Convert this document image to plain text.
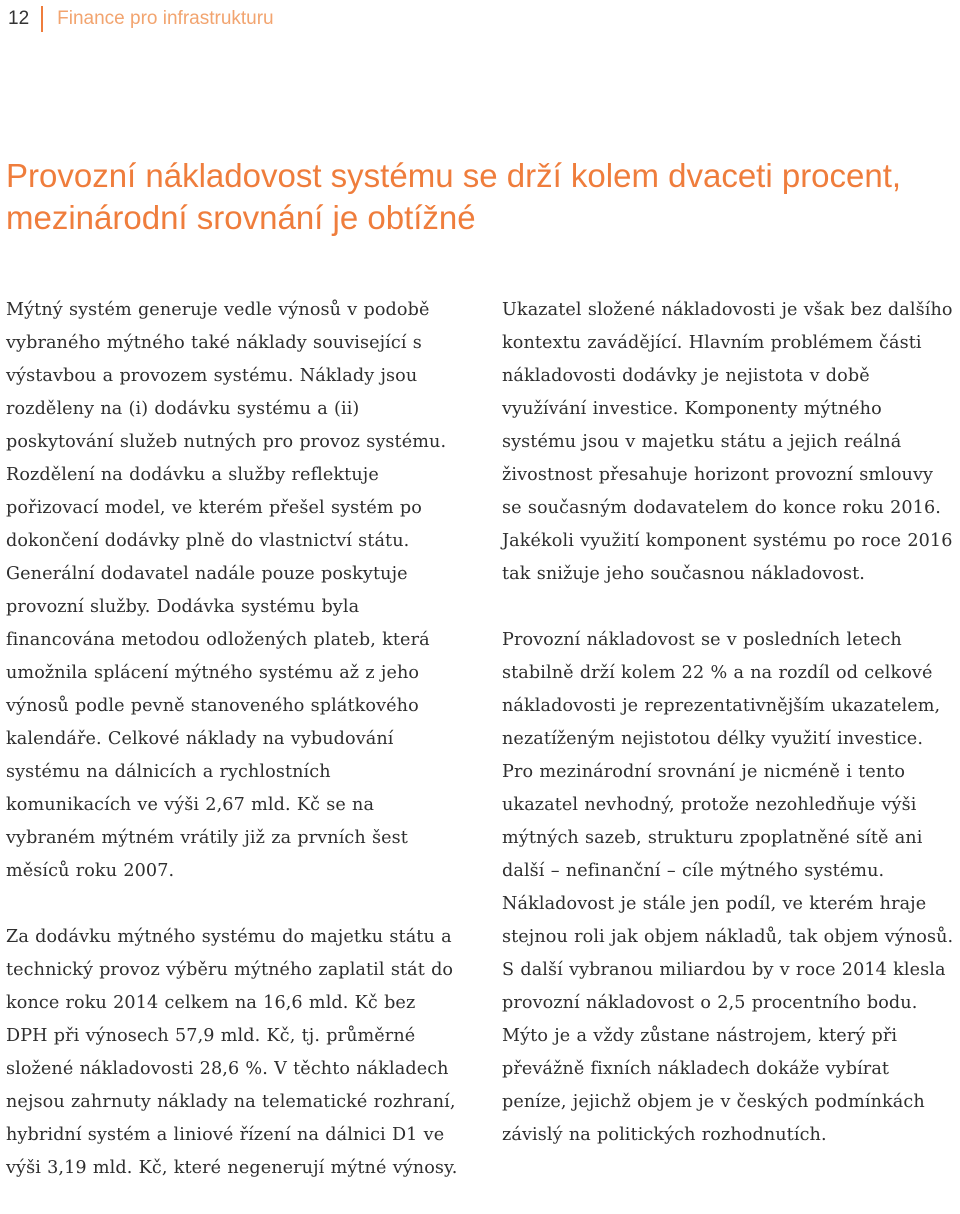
12 Finance pro infrastrukturu
Provozní nákladovost systému se drží kolem dvaceti procent, mezinárodní srovnání je obtížné

Mýtný systém generuje vedle výnosů v podobě vybraného mýtného také náklady související s výstavbou a provozem systému. Náklady jsou rozděleny na (i) dodávku systému a (ii) poskytování služeb nutných pro provoz systému. Rozdělení na dodávku a služby reflektuje pořizovací model, ve kterém přešel systém po dokončení dodávky plně do vlastnictví státu. Generální dodavatel nadále pouze poskytuje provozní služby. Dodávka systému byla financována metodou odložených plateb, která umožnila splácení mýtného systému až z jeho výnosů podle pevně stanoveného splátkového kalendáře. Celkové náklady na vybudování systému na dálnicích a rychlostních komunikacích ve výši 2,67 mld. Kč se na vybraném mýtném vrátily již za prvních šest měsíců roku 2007.

Za dodávku mýtného systému do majetku státu a technický provoz výběru mýtného zaplatil stát do konce roku 2014 celkem na 16,6 mld. Kč bez DPH při výnosech 57,9 mld. Kč, tj. průměrné složené nákladovosti 28,6 %. V těchto nákladech nejsou zahrnuty náklady na telematické rozhraní, hybridní systém a liniové řízení na dálnici D1 ve výši 3,19 mld. Kč, které negenerují mýtné výnosy.

Ukazatel složené nákladovosti je však bez dalšího kontextu zavádějící. Hlavním problémem části nákladovosti dodávky je nejistota v době využívání investice. Komponenty mýtného systému jsou v majetku státu a jejich reálná živostnost přesahuje horizont provozní smlouvy se současným dodavatelem do konce roku 2016. Jakékoli využití komponent systému po roce 2016 tak snižuje jeho současnou nákladovost.

Provozní nákladovost se v posledních letech stabilně drží kolem 22 % a na rozdíl od celkové nákladovosti je reprezentativnějším ukazatelem, nezatíženým nejistotou délky využití investice. Pro mezinárodní srovnání je nicméně i tento ukazatel nevhodný, protože nezohledňuje výši mýtných sazeb, strukturu zpoplatněné sítě ani další – nefinanční – cíle mýtného systému. Nákladovost je stále jen podíl, ve kterém hraje stejnou roli jak objem nákladů, tak objem výnosů. S další vybranou miliardou by v roce 2014 klesla provozní nákladovost o 2,5 procentního bodu. Mýto je a vždy zůstane nástrojem, který při převážně fixních nákladech dokáže vybírat peníze, jejichž objem je v českých podmínkách závislý na politických rozhodnutích.
